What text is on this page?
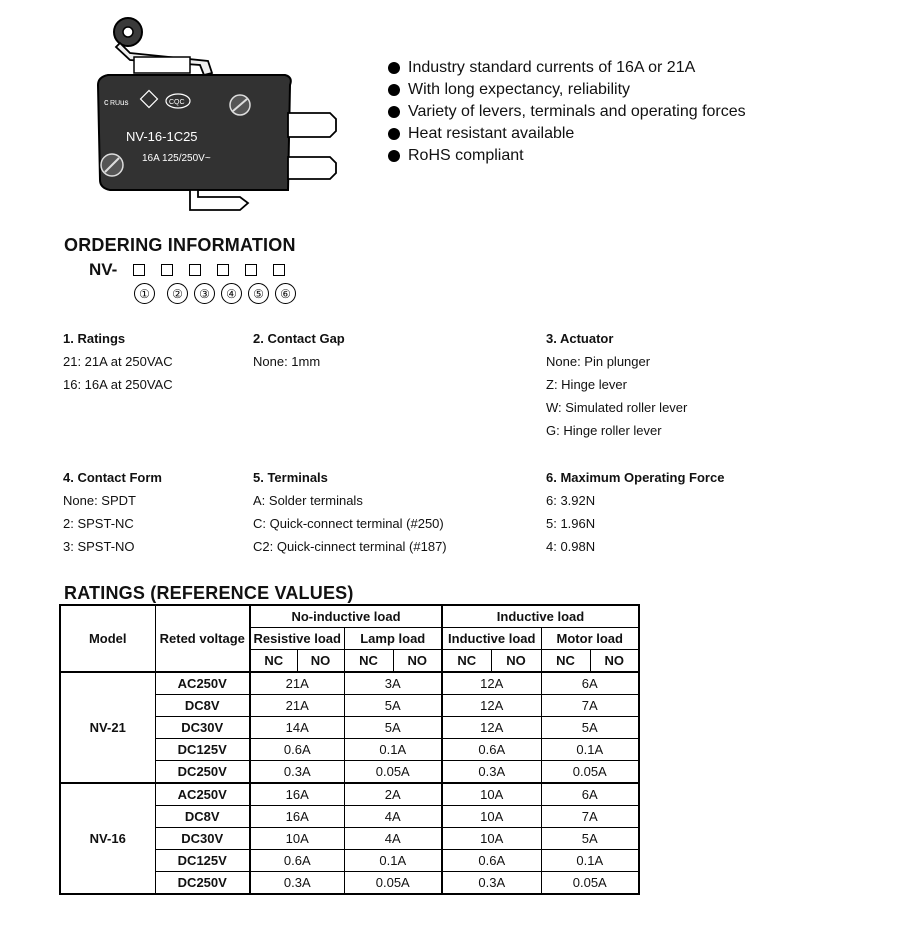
c RU us	CQC
NV-16-1C25
16A 125/250V~
Industry standard currents of 16A or 21A
With long expectancy, reliability
Variety of levers, terminals and operating forces
Heat resistant available
RoHS compliant
ORDERING INFORMATION
NV-
①	②	③	④	⑤	⑥
1. Ratings
21: 21A at 250VAC
16: 16A at 250VAC
2. Contact Gap
None: 1mm
3. Actuator
None: Pin plunger
Z: Hinge lever
W: Simulated roller lever
G: Hinge roller lever
4. Contact Form
None: SPDT
2: SPST-NC
3: SPST-NO
5. Terminals
A: Solder terminals
C: Quick-connect terminal (#250)
C2: Quick-cinnect terminal (#187)
6. Maximum Operating Force
6: 3.92N
5: 1.96N
4: 0.98N
RATINGS (REFERENCE VALUES)
Model	Reted voltage	No-inductive load				Inductive load			
		Resistive load		Lamp load		Inductive load		Motor load	
		NC	NO	NC	NO	NC	NO	NC	NO
NV-21	AC250V	21A		3A		12A		6A	
	DC8V	21A		5A		12A		7A	
	DC30V	14A		5A		12A		5A	
	DC125V	0.6A		0.1A		0.6A		0.1A	
	DC250V	0.3A		0.05A		0.3A		0.05A	
NV-16	AC250V	16A		2A		10A		6A	
	DC8V	16A		4A		10A		7A	
	DC30V	10A		4A		10A		5A	
	DC125V	0.6A		0.1A		0.6A		0.1A	
	DC250V	0.3A		0.05A		0.3A		0.05A	
